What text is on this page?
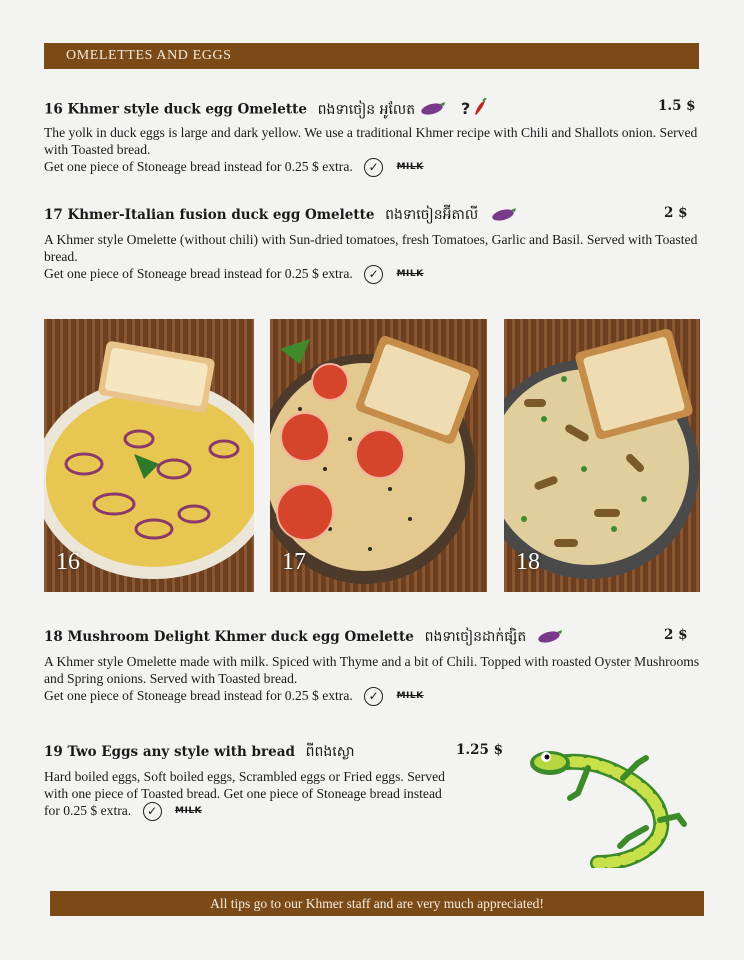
OMELETTES AND EGGS
16 Khmer style duck egg Omelette ពងទាចៀន អូលែត	?	1.5 $
The yolk in duck eggs is large and dark yellow. We use a traditional Khmer recipe with Chili and Shallots onion. Served with Toasted bread.
Get one piece of Stoneage bread instead for 0.25 $ extra. ✓ MILK
17 Khmer-Italian fusion duck egg Omelette ពងទាចៀនអ៊ីតាលី	2 $
A Khmer style Omelette (without chili) with Sun-dried tomatoes, fresh Tomatoes, Garlic and Basil. Served with Toasted bread.
Get one piece of Stoneage bread instead for 0.25 $ extra. ✓ MILK
16	17	18
18 Mushroom Delight Khmer duck egg Omelette ពងទាចៀនដាក់ផ្សិត	2 $
A Khmer style Omelette made with milk. Spiced with Thyme and a bit of Chili. Topped with roasted Oyster Mushrooms and Spring onions. Served with Toasted bread.
Get one piece of Stoneage bread instead for 0.25 $ extra. ✓ MILK
19 Two Eggs any style with bread ពីពងស្ងោ	1.25 $
Hard boiled eggs, Soft boiled eggs, Scrambled eggs or Fried eggs. Served with one piece of Toasted bread. Get one piece of Stoneage bread instead for 0.25 $ extra. ✓ MILK
All tips go to our Khmer staff and are very much appreciated!
